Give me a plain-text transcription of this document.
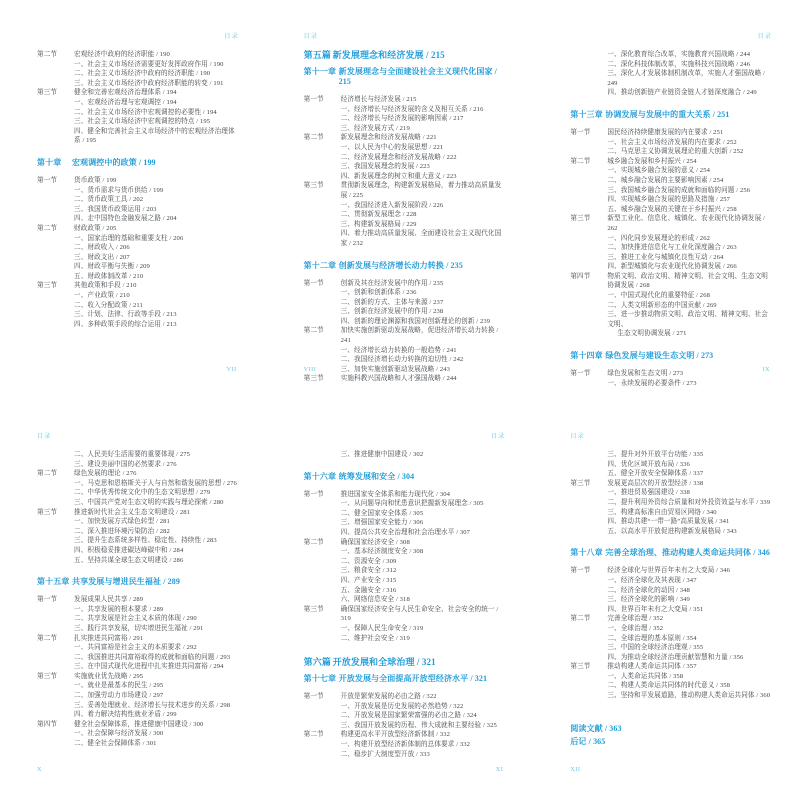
目录
第二节	宏观经济中政府的经济职能 / 190
一、社会主义市场经济需要更好发挥政府作用 / 190
二、社会主义市场经济中政府的经济职能 / 190
三、社会主义市场经济中政府经济职能的转变 / 191
第三节	健全和完善宏观经济治理体系 / 194
一、宏观经济治理与宏观调控 / 194
二、社会主义市场经济中宏观调控的必要性 / 194
三、社会主义市场经济中宏观调控的特点 / 195
四、健全和完善社会主义市场经济中的宏观经济治理体系 / 195
第十章	宏观调控中的政策 / 199
第一节	货币政策 / 199
一、货币需求与货币供给 / 199
二、货币政策工具 / 202
三、我国货币政策运用 / 203
四、走中国特色金融发展之路 / 204
第二节	财政政策 / 205
一、国家治理的基础和重要支柱 / 206
二、财政收入 / 206
三、财政支出 / 207
四、财政平衡与失衡 / 209
五、财政体制改革 / 210
第三节	其他政策和手段 / 210
一、产业政策 / 210
二、收入分配政策 / 211
三、计划、法律、行政等手段 / 213
四、多种政策手段的综合运用 / 213
VII
目录
第五篇 新发展理念和经济发展 / 215
第十一章 新发展理念与全面建设社会主义现代化国家/ 215
第一节	经济增长与经济发展 / 215
一、经济增长与经济发展的含义及相互关系 / 216
二、经济增长与经济发展的影响因素 / 217
三、经济发展方式 / 219
第二节	新发展理念和经济发展战略 / 221
一、以人民为中心的发展思想 / 221
二、经济发展理念和经济发展战略 / 222
三、我国发展理念的发展 / 223
四、新发展理念的树立和重大意义 / 223
第三节	贯彻新发展理念，构建新发展格局，着力推动高质量发展 / 225
一、我国经济进入新发展阶段 / 226
二、贯彻新发展理念 / 228
三、构建新发展格局 / 229
四、着力推动高质量发展、全面建设社会主义现代化国家 / 232
第十二章 创新发展与经济增长动力转换 / 235
第一节	创新及其在经济发展中的作用 / 235
一、创新和创新体系 / 236
二、创新的方式、主体与来源 / 237
三、创新在经济发展中的作用 / 238
四、创新的理论渊源和我国对创新理论的创新 / 239
第二节	加快实施创新驱动发展战略，促进经济增长动力转换/ 241
一、经济增长动力转换的一般趋势 / 241
二、我国经济增长动力转换的迫切性 / 242
三、加快实施创新驱动发展战略 / 243
第三节	实施科教兴国战略和人才强国战略 / 244
VIII
目录
一、深化教育综合改革，实施教育兴国战略 / 244
二、深化科技体制改革，实施科技兴国战略 / 246
三、深化人才发展体制机制改革，实施人才强国战略/ 249
四、推动创新链产业链资金链人才链深度融合 / 249
第十三章 协调发展与发展中的重大关系 / 251
第一节	国民经济持续健康发展的内在要求 / 251
一、社会主义市场经济发展的内在要求 / 252
二、马克思主义协调发展理论的重大创新 / 252
第二节	城乡融合发展和乡村振兴 / 254
一、实现城乡融合发展的意义 / 254
二、城乡融合发展的主要影响因素 / 254
三、我国城乡融合发展的成就和面临的问题 / 256
四、实现城乡融合发展的思路及措施 / 257
五、城乡融合发展的关键在于乡村振兴 / 258
第三节	新型工业化、信息化、城镇化、农业现代化协调发展/ 262
一、四化同步发展理论的形成 / 262
二、加快推进信息化与工业化深度融合 / 263
三、推进工业化与城镇化良性互动 / 264
四、新型城镇化与农业现代化协调发展 / 266
第四节	物质文明、政治文明、精神文明、社会文明、生态文明协调发展 / 268
一、中国式现代化的重要特征 / 268
二、人类文明新形态的中国贡献 / 269
三、进一步推动物质文明、政治文明、精神文明、社会文明、
生态文明协调发展 / 271
第十四章 绿色发展与建设生态文明 / 273
第一节	绿色发展和生态文明 / 273
一、永续发展的必要条件 / 273
IX
目录
二、人民美好生活需要的重要体现 / 275
三、建设美丽中国的必然要求 / 276
第二节	绿色发展的理论 / 276
一、马克思和恩格斯关于人与自然和谐发展的思想 / 276
二、中华优秀传统文化中的生态文明思想 / 279
三、中国共产党对生态文明的实践与理论探索 / 280
第三节	推进新时代社会主义生态文明建设 / 281
一、加快发展方式绿色转型 / 281
二、深入推进环境污染防治 / 282
三、提升生态系统多样性、稳定性、持续性 / 283
四、积极稳妥推进碳达峰碳中和 / 284
五、坚持共谋全球生态文明建设 / 286
第十五章 共享发展与增进民生福祉 / 289
第一节	发展成果人民共享 / 289
一、共享发展的根本要求 / 289
二、共享发展是社会主义本质的体现 / 290
三、践行共享发展，切实增进民生福祉 / 291
第二节	扎实推进共同富裕 / 291
一、共同富裕是社会主义的本质要求 / 292
二、我国推进共同富裕取得的成就和面临的问题 / 293
三、在中国式现代化进程中扎实推进共同富裕 / 294
第三节	实施就业优先战略 / 295
一、就业是最基本的民生 / 295
二、加强劳动力市场建设 / 297
三、妥善处理就业、经济增长与技术进步的关系 / 298
四、着力解决结构性就业矛盾 / 299
第四节	健全社会保障体系，推进健康中国建设 / 300
一、社会保障与经济发展 / 300
二、健全社会保障体系 / 301
X
目录
三、推进健康中国建设 / 302
第十六章 统筹发展和安全 / 304
第一节	推进国家安全体系和能力现代化 / 304
一、从问题导向和忧患意识把握新发展理念 / 305
二、健全国家安全体系 / 305
三、增强国家安全能力 / 306
四、提高公共安全治理和社会治理水平 / 307
第二节	确保国家经济安全 / 308
一、基本经济制度安全 / 308
二、资源安全 / 309
三、粮食安全 / 312
四、产业安全 / 315
五、金融安全 / 316
六、网络信息安全 / 318
第三节	确保国家经济安全与人民生命安全、社会安全的统一/ 319
一、保障人民生命安全 / 319
二、维护社会安全 / 319
第六篇 开放发展和全球治理 / 321
第十七章 开放发展与全面提高开放型经济水平 / 321
第一节	开放是繁荣发展的必由之路 / 322
一、开放发展是历史发展的必然趋势 / 322
二、开放发展是国家繁荣富强的必由之路 / 324
三、我国开放发展的历程、伟大成就和主要经验 / 325
第二节	构建更高水平开放型经济新体制 / 332
一、构建开放型经济新体制的总体要求 / 332
二、稳步扩大制度型开放 / 333
XI
目录
三、提升对外开放平台功能 / 335
四、优化区域开放布局 / 336
五、健全开放安全保障体系 / 337
第三节	发展更高层次的开放型经济 / 338
一、推进贸易强国建设 / 338
二、提升利用外资综合质量和对外投资效益与水平 / 339
三、构建高标准自由贸易区网络 / 340
四、推动共建“一带一路”高质量发展 / 341
五、以高水平开放促进构建新发展格局 / 343
第十八章 完善全球治理、推动构建人类命运共同体 / 346
第一节	经济全球化与世界百年未有之大变局 / 346
一、经济全球化及其表现 / 347
二、经济全球化的动因 / 348
三、经济全球化的影响 / 349
四、世界百年未有之大变局 / 351
第二节	完善全球治理 / 352
一、全球治理 / 352
二、全球治理的基本原则 / 354
三、中国的全球经济治理观 / 355
四、为推动全球经济治理贡献智慧和力量 / 356
第三节	推动构建人类命运共同体 / 357
一、人类命运共同体 / 358
二、构建人类命运共同体的时代意义 / 358
三、坚持和平发展道路，推动构建人类命运共同体 / 360
阅读文献 / 363
后记 / 365
XII
